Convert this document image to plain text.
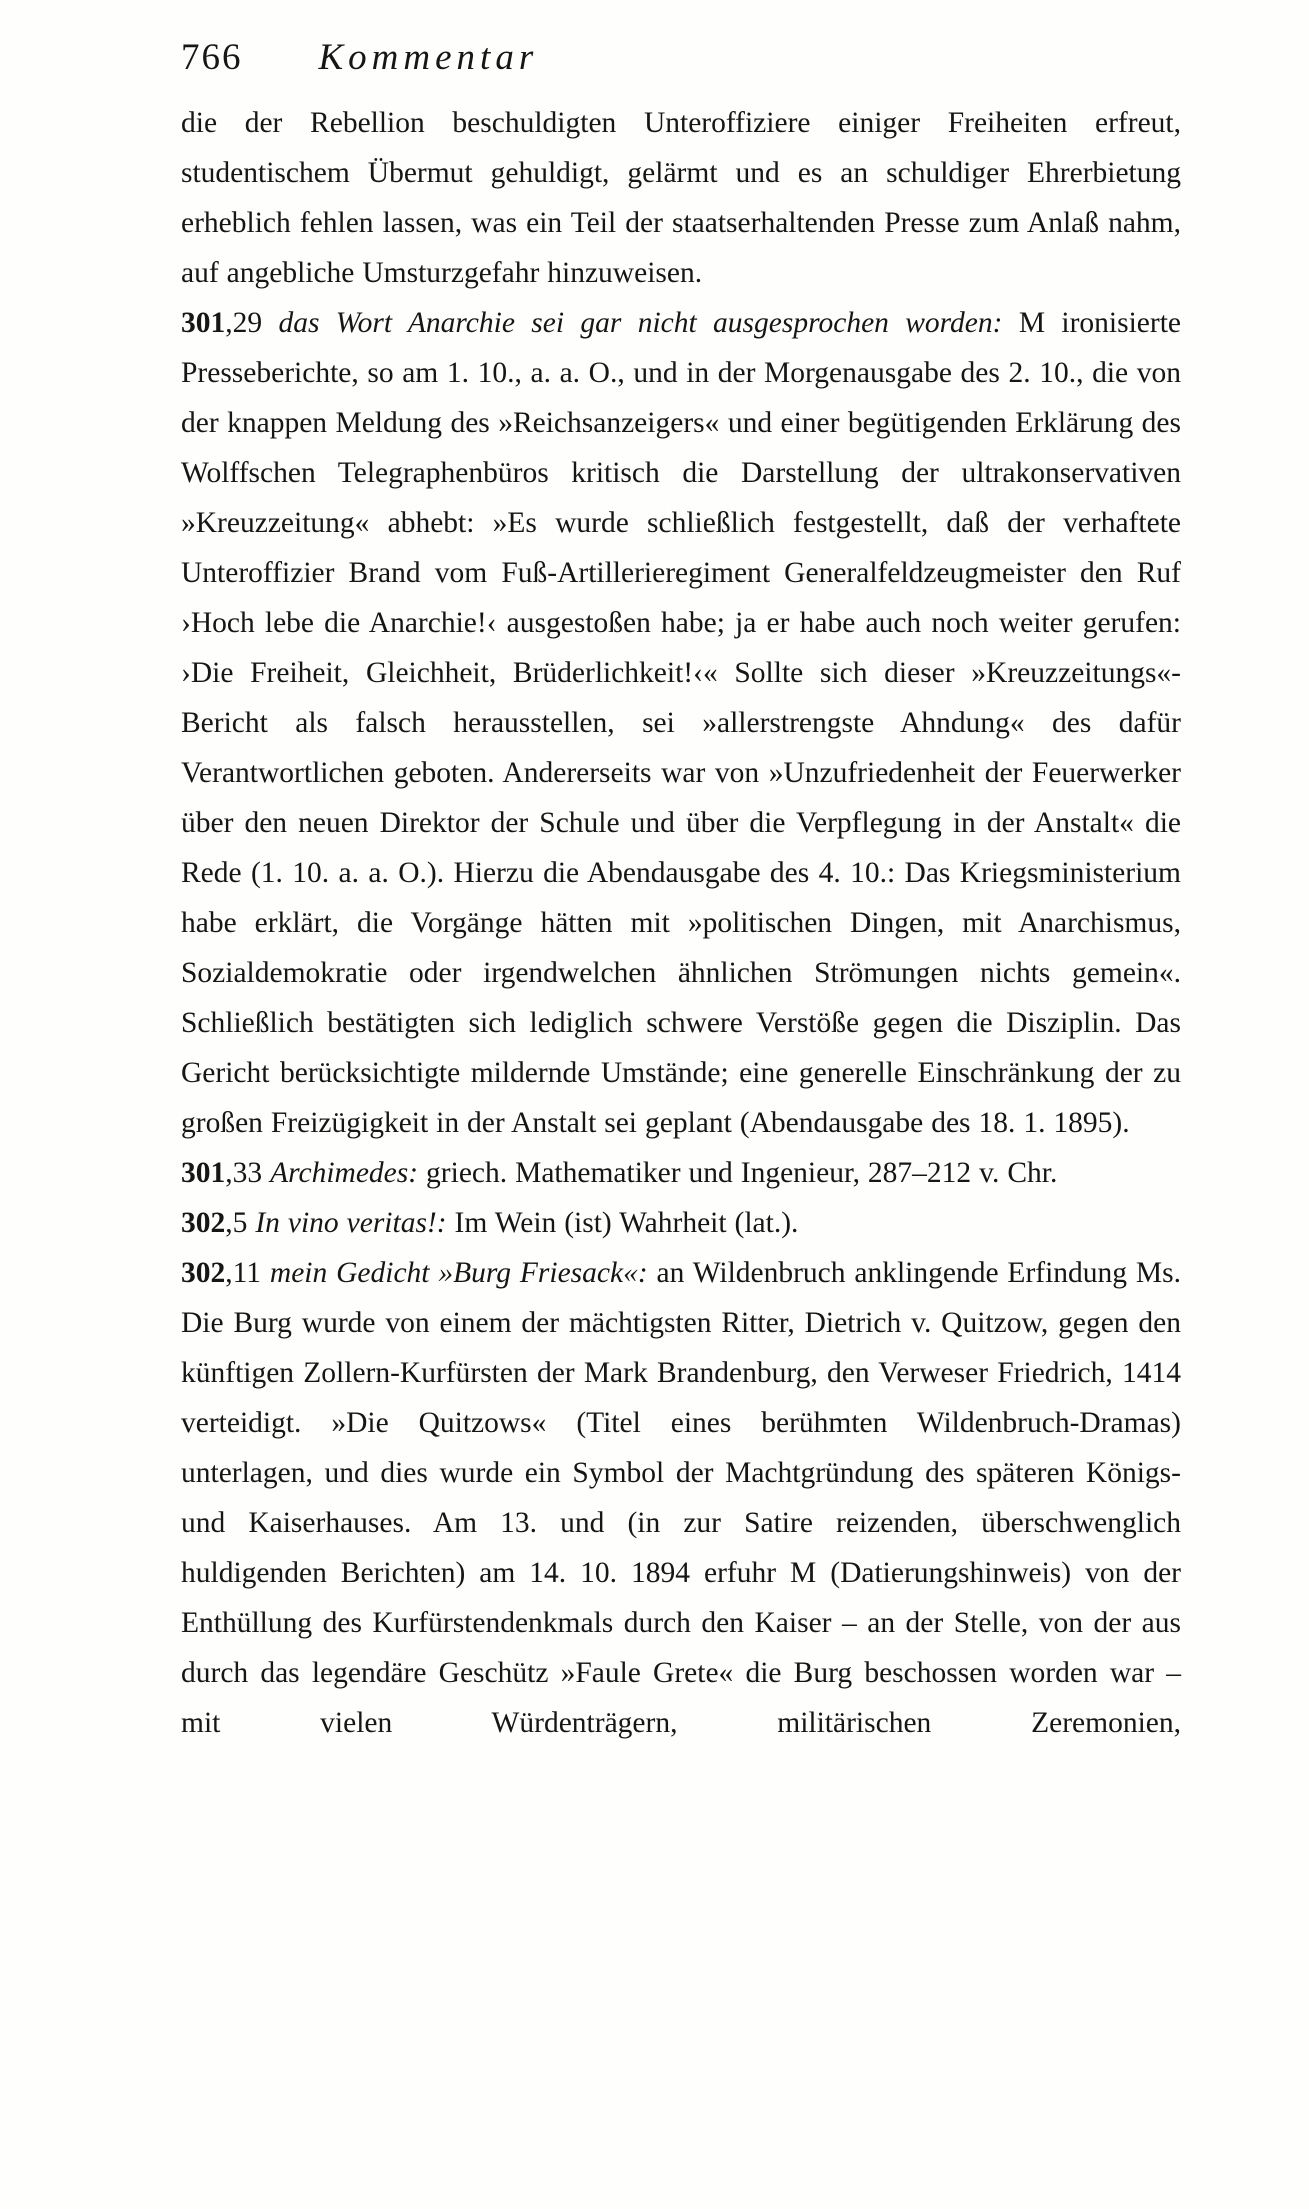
766 Kommentar

die der Rebellion beschuldigten Unteroffiziere einiger Freiheiten erfreut, studentischem Übermut gehuldigt, gelärmt und es an schuldiger Ehrerbietung erheblich fehlen lassen, was ein Teil der staatserhaltenden Presse zum Anlaß nahm, auf angebliche Umsturzgefahr hinzuweisen.

301,29 das Wort Anarchie sei gar nicht ausgesprochen worden: M ironisierte Presseberichte, so am 1. 10., a. a. O., und in der Morgenausgabe des 2. 10., die von der knappen Meldung des »Reichsanzeigers« und einer begütigenden Erklärung des Wolffschen Telegraphenbüros kritisch die Darstellung der ultrakonservativen »Kreuzzeitung« abhebt: »Es wurde schließlich festgestellt, daß der verhaftete Unteroffizier Brand vom Fuß-Artillerieregiment Generalfeldzeugmeister den Ruf ›Hoch lebe die Anarchie!‹ ausgestoßen habe; ja er habe auch noch weiter gerufen: ›Die Freiheit, Gleichheit, Brüderlichkeit!‹« Sollte sich dieser »Kreuzzeitungs«-Bericht als falsch herausstellen, sei »allerstrengste Ahndung« des dafür Verantwortlichen geboten. Andererseits war von »Unzufriedenheit der Feuerwerker über den neuen Direktor der Schule und über die Verpflegung in der Anstalt« die Rede (1. 10. a. a. O.). Hierzu die Abendausgabe des 4. 10.: Das Kriegsministerium habe erklärt, die Vorgänge hätten mit »politischen Dingen, mit Anarchismus, Sozialdemokratie oder irgendwelchen ähnlichen Strömungen nichts gemein«. Schließlich bestätigten sich lediglich schwere Verstöße gegen die Disziplin. Das Gericht berücksichtigte mildernde Umstände; eine generelle Einschränkung der zu großen Freizügigkeit in der Anstalt sei geplant (Abendausgabe des 18. 1. 1895).

301,33 Archimedes: griech. Mathematiker und Ingenieur, 287–212 v. Chr.

302,5 In vino veritas!: Im Wein (ist) Wahrheit (lat.).

302,11 mein Gedicht »Burg Friesack«: an Wildenbruch anklingende Erfindung Ms. Die Burg wurde von einem der mächtigsten Ritter, Dietrich v. Quitzow, gegen den künftigen Zollern-Kurfürsten der Mark Brandenburg, den Verweser Friedrich, 1414 verteidigt. »Die Quitzows« (Titel eines berühmten Wildenbruch-Dramas) unterlagen, und dies wurde ein Symbol der Machtgründung des späteren Königs- und Kaiserhauses. Am 13. und (in zur Satire reizenden, überschwenglich huldigenden Berichten) am 14. 10. 1894 erfuhr M (Datierungshinweis) von der Enthüllung des Kurfürstendenkmals durch den Kaiser – an der Stelle, von der aus durch das legendäre Geschütz »Faule Grete« die Burg beschossen worden war – mit vielen Würdenträgern, militärischen Zeremonien,
